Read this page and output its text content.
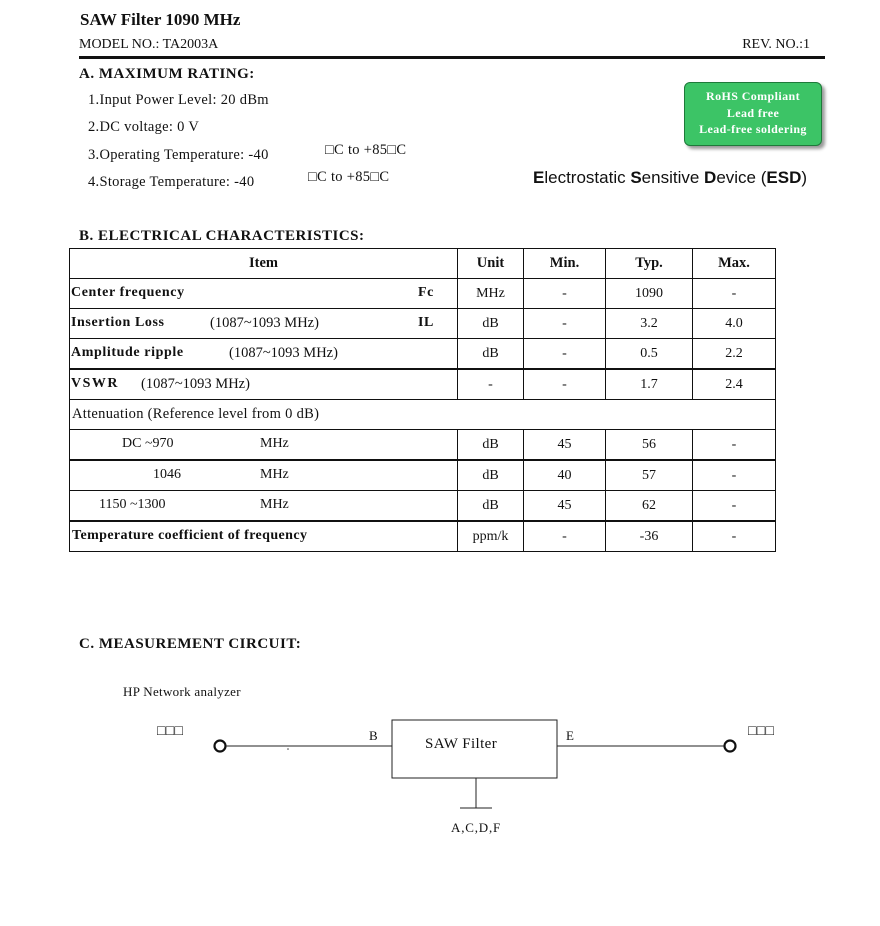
SAW Filter 1090 MHz
MODEL NO.: TA2003A	REV. NO.:1
A. MAXIMUM RATING:
1.Input Power Level: 20 dBm
2.DC voltage: 0 V
3.Operating Temperature: -40	□C to +85□C
4.Storage Temperature: -40	□C to +85□C
RoHS Compliant
Lead free
Lead-free soldering
Electrostatic Sensitive Device (ESD)
B. ELECTRICAL CHARACTERISTICS:
Item	Unit	Min.	Typ.	Max.

Center frequency Fc	MHz	-	1090	-

Insertion Loss (1087~1093 MHz) IL	dB	-	3.2	4.0

Amplitude ripple (1087~1093 MHz)	dB	-	0.5	2.2

VSWR (1087~1093 MHz)	-	-	1.7	2.4

Attenuation (Reference level from 0 dB)				

DC ~970 MHz	dB	45	56	-

1046 MHz	dB	40	57	-

1150 ~1300 MHz	dB	45	62	-

Temperature coefficient of frequency	ppm/k	-	-36	-
C. MEASUREMENT CIRCUIT:
HP Network analyzer
□□□	□□□
B	E
SAW Filter
A,C,D,F
